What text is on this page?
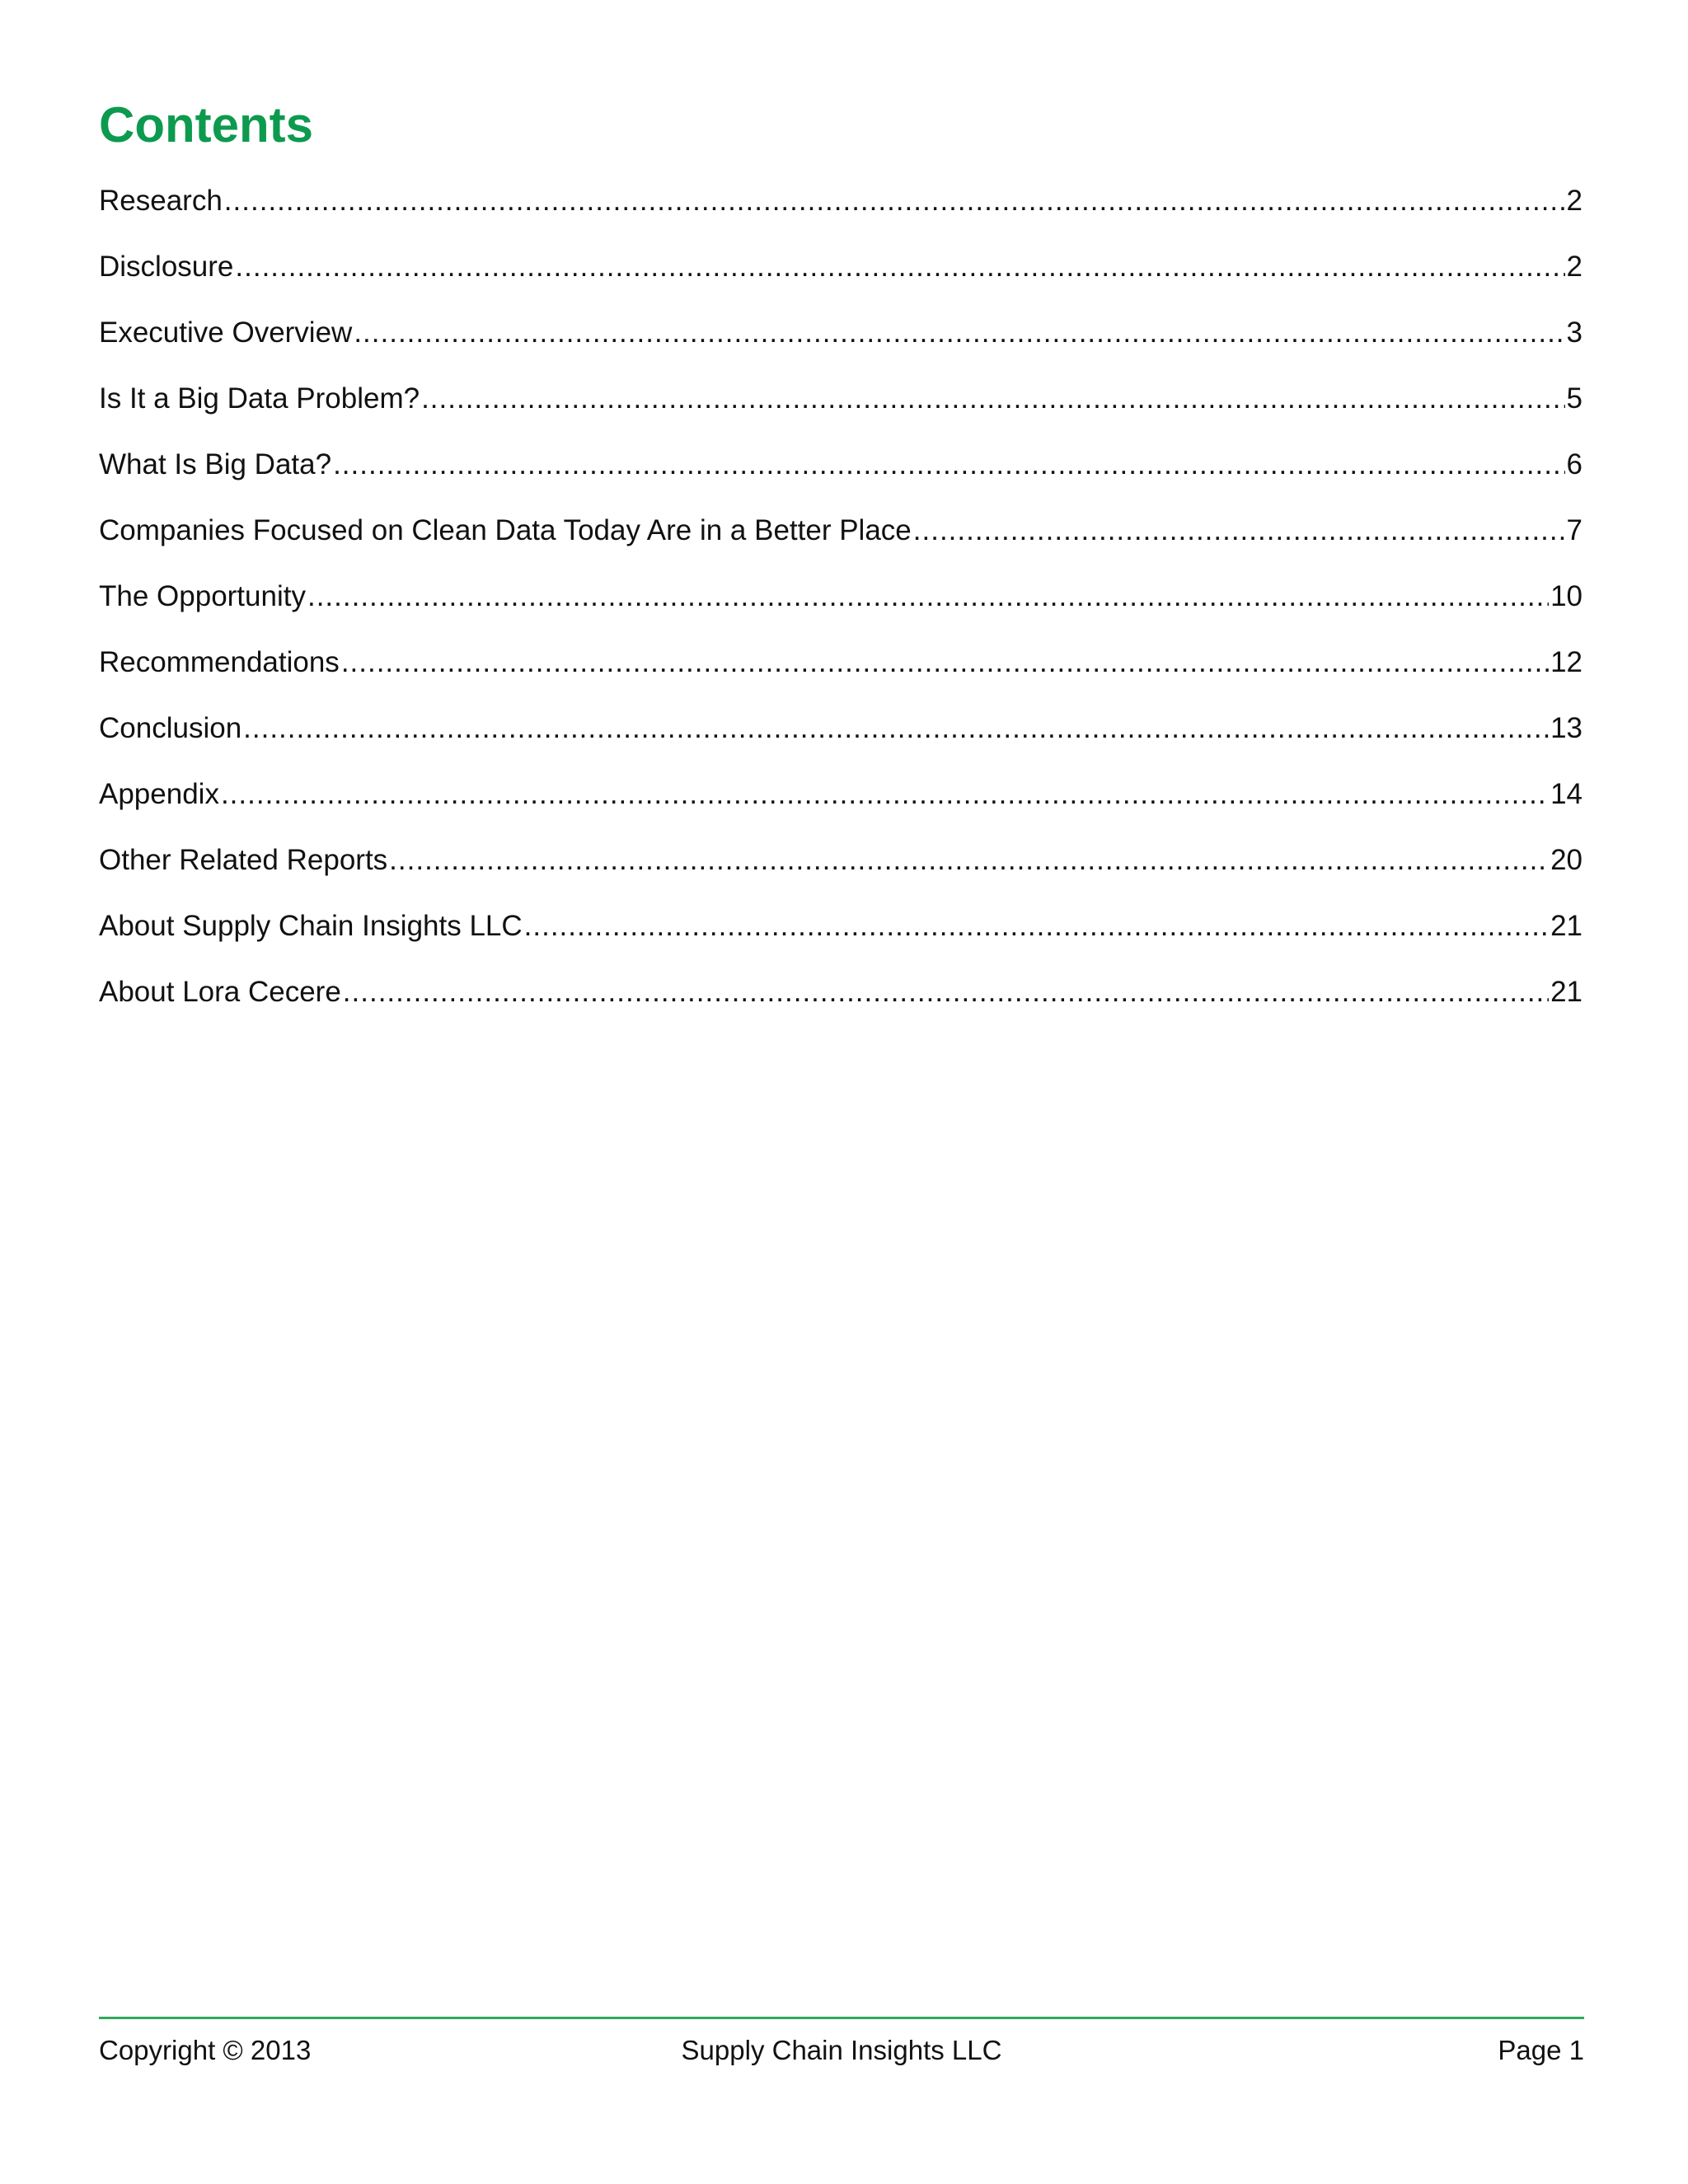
Contents
Research .....	2
Disclosure .....	2
Executive Overview .....	3
Is It a Big Data Problem? .....	5
What Is Big Data? .....	6
Companies Focused on Clean Data Today Are in a Better Place .....	7
The Opportunity .....	10
Recommendations .....	12
Conclusion .....	13
Appendix .....	14
Other Related Reports .....	20
About Supply Chain Insights LLC .....	21
About Lora Cecere .....	21
Copyright © 2013	Supply Chain Insights LLC	Page 1
